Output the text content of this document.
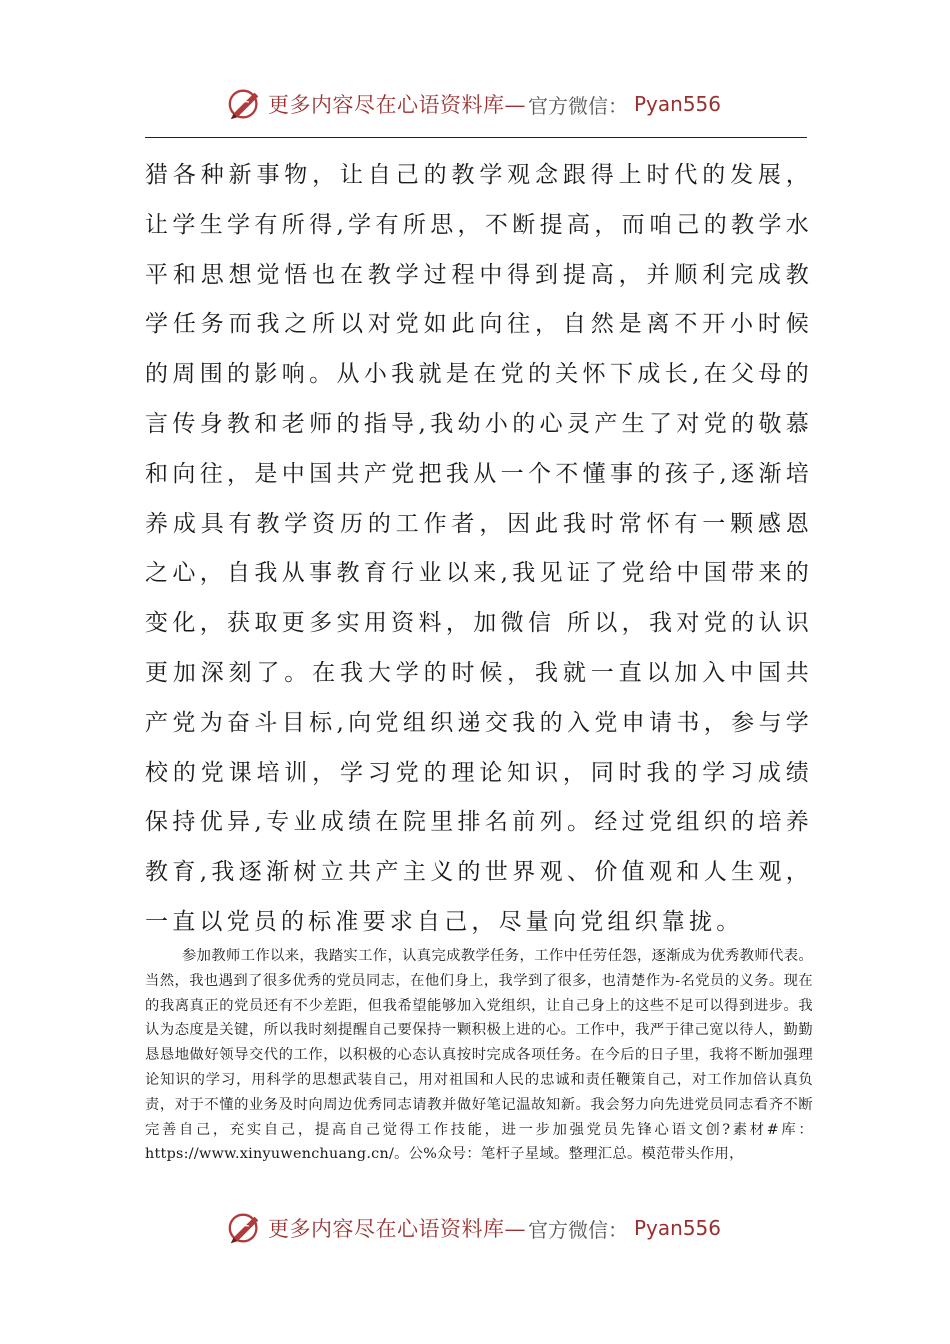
更多内容尽在心语资料库— 官方微信： Pyan556

猎各种新事物，让自己的教学观念跟得上时代的发展，让学生学有所得,学有所思，不断提高，而咱己的教学水平和思想觉悟也在教学过程中得到提高，并顺利完成教学任务而我之所以对党如此向往，自然是离不开小时候的周围的影响。从小我就是在党的关怀下成长,在父母的言传身教和老师的指导,我幼小的心灵产生了对党的敬慕和向往，是中国共产党把我从一个不懂事的孩子,逐渐培养成具有教学资历的工作者，因此我时常怀有一颗感恩之心，自我从事教育行业以来,我见证了党给中国带来的变化，获取更多实用资料，加微信 所以，我对党的认识更加深刻了。在我大学的时候，我就一直以加入中国共产党为奋斗目标,向党组织递交我的入党申请书，参与学校的党课培训，学习党的理论知识，同时我的学习成绩保持优异,专业成绩在院里排名前列。经过党组织的培养教育,我逐渐树立共产主义的世界观、价值观和人生观，一直以党员的标准要求自己，尽量向党组织靠拢。

参加教师工作以来，我踏实工作，认真完成教学任务，工作中任劳任怨，逐渐成为优秀教师代表。当然，我也遇到了很多优秀的党员同志，在他们身上，我学到了很多，也清楚作为-名党员的义务。现在的我离真正的党员还有不少差距，但我希望能够加入党组织，让自己身上的这些不足可以得到进步。我认为态度是关键，所以我时刻提醒自己要保持一颗积极上进的心。工作中，我严于律己宽以待人，勤勤恳恳地做好领导交代的工作，以积极的心态认真按时完成各项任务。在今后的日子里，我将不断加强理论知识的学习，用科学的思想武装自己，用对祖国和人民的忠诚和责任鞭策自己，对工作加倍认真负责，对于不懂的业务及时向周边优秀同志请教并做好笔记温故知新。我会努力向先进党员同志看齐不断完善自己，充实自己，提高自己觉得工作技能，进一步加强党员先锋心语文创?素材#库：https://www.xinyuwenchuang.cn/。公%众号：笔杆子星域。整理汇总。模范带头作用，

更多内容尽在心语资料库— 官方微信： Pyan556
